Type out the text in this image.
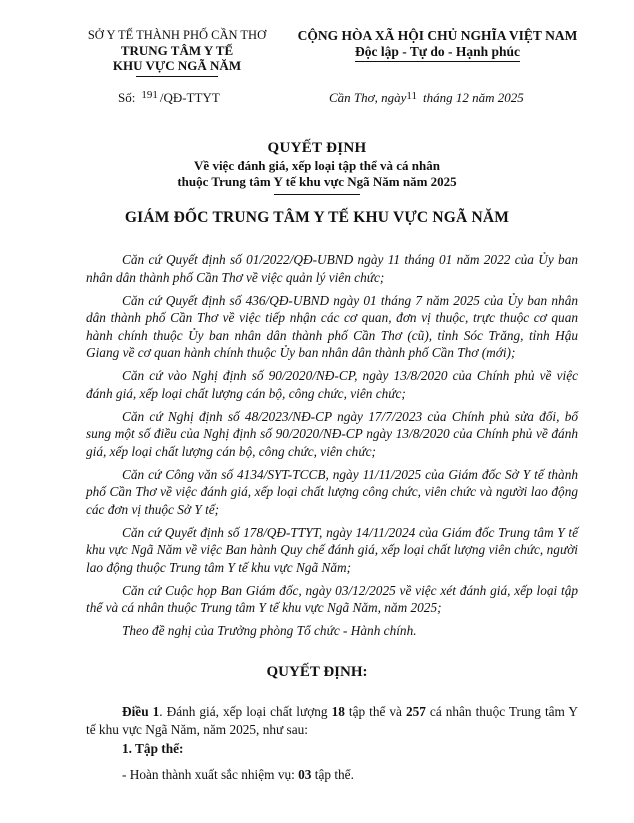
SỞ Y TẾ THÀNH PHỐ CẦN THƠ
TRUNG TÂM Y TẾ
KHU VỰC NGÃ NĂM
CỘNG HÒA XÃ HỘI CHỦ NGHĨA VIỆT NAM
Độc lập - Tự do - Hạnh phúc
Số: $^{191}$ /QĐ-TTYT	Cần Thơ, ngày$^{11}$ tháng 12 năm 2025
QUYẾT ĐỊNH
Về việc đánh giá, xếp loại tập thể và cá nhân
thuộc Trung tâm Y tế khu vực Ngã Năm năm 2025
GIÁM ĐỐC TRUNG TÂM Y TẾ KHU VỰC NGÃ NĂM

Căn cứ Quyết định số 01/2022/QĐ-UBND ngày 11 tháng 01 năm 2022 của Ủy ban nhân dân thành phố Cần Thơ về việc quản lý viên chức;

Căn cứ Quyết định số 436/QĐ-UBND ngày 01 tháng 7 năm 2025 của Ủy ban nhân dân thành phố Cần Thơ về việc tiếp nhận các cơ quan, đơn vị thuộc, trực thuộc cơ quan hành chính thuộc Ủy ban nhân dân thành phố Cần Thơ (cũ), tỉnh Sóc Trăng, tỉnh Hậu Giang về cơ quan hành chính thuộc Ủy ban nhân dân thành phố Cần Thơ (mới);

Căn cứ vào Nghị định số 90/2020/NĐ-CP, ngày 13/8/2020 của Chính phủ về việc đánh giá, xếp loại chất lượng cán bộ, công chức, viên chức;

Căn cứ Nghị định số 48/2023/NĐ-CP ngày 17/7/2023 của Chính phủ sửa đổi, bổ sung một số điều của Nghị định số 90/2020/NĐ-CP ngày 13/8/2020 của Chính phủ về đánh giá, xếp loại chất lượng cán bộ, công chức, viên chức;

Căn cứ Công văn số 4134/SYT-TCCB, ngày 11/11/2025 của Giám đốc Sở Y tế thành phố Cần Thơ về việc đánh giá, xếp loại chất lượng công chức, viên chức và người lao động các đơn vị thuộc Sở Y tế;

Căn cứ Quyết định số 178/QĐ-TTYT, ngày 14/11/2024 của Giám đốc Trung tâm Y tế khu vực Ngã Năm về việc Ban hành Quy chế đánh giá, xếp loại chất lượng viên chức, người lao động thuộc Trung tâm Y tế khu vực Ngã Năm;

Căn cứ Cuộc họp Ban Giám đốc, ngày 03/12/2025 về việc xét đánh giá, xếp loại tập thể và cá nhân thuộc Trung tâm Y tế khu vực Ngã Năm, năm 2025;

Theo đề nghị của Trưởng phòng Tổ chức - Hành chính.

QUYẾT ĐỊNH:
Điều 1. Đánh giá, xếp loại chất lượng 18 tập thể và 257 cá nhân thuộc Trung tâm Y tế khu vực Ngã Năm, năm 2025, như sau:
1. Tập thể:
- Hoàn thành xuất sắc nhiệm vụ: 03 tập thể.
